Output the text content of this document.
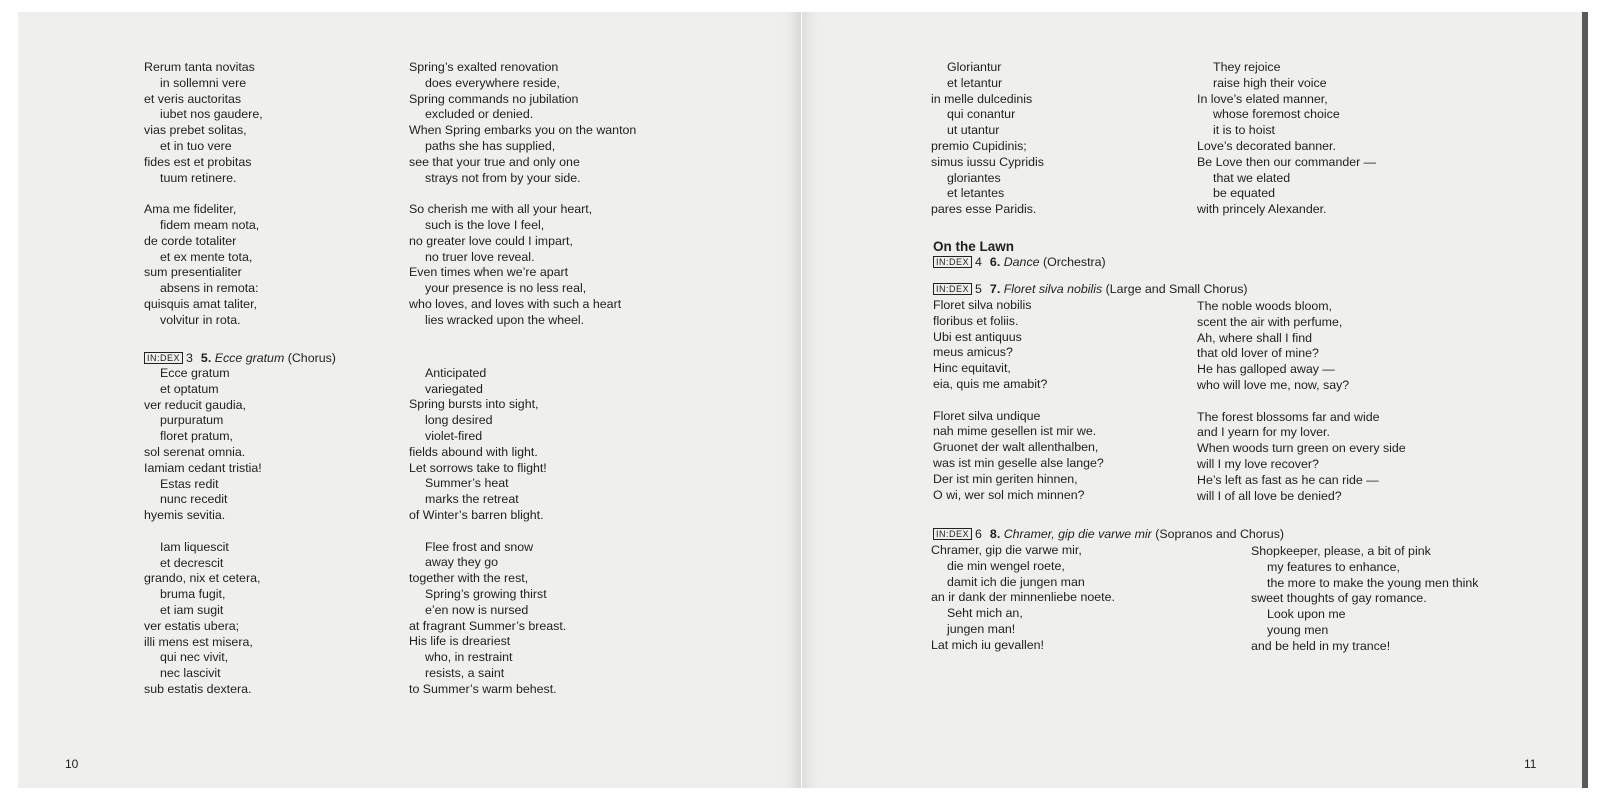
Rerum tanta novitas
in sollemni vere
et veris auctoritas
iubet nos gaudere,
vias prebet solitas,
et in tuo vere
fides est et probitas
tuum retinere.
Ama me fideliter,
fidem meam nota,
de corde totaliter
et ex mente tota,
sum presentialiter
absens in remota:
quisquis amat taliter,
volvitur in rota.
Spring’s exalted renovation
does everywhere reside,
Spring commands no jubilation
excluded or denied.
When Spring embarks you on the wanton
paths she has supplied,
see that your true and only one
strays not from by your side.
So cherish me with all your heart,
such is the love I feel,
no greater love could I impart,
no truer love reveal.
Even times when we’re apart
your presence is no less real,
who loves, and loves with such a heart
lies wracked upon the wheel.
IN:DEX 3 5. Ecce gratum (Chorus)
Ecce gratum
et optatum
ver reducit gaudia,
purpuratum
floret pratum,
sol serenat omnia.
Iamiam cedant tristia!
Estas redit
nunc recedit
hyemis sevitia.
Iam liquescit
et decrescit
grando, nix et cetera,
bruma fugit,
et iam sugit
ver estatis ubera;
illi mens est misera,
qui nec vivit,
nec lascivit
sub estatis dextera.
Anticipated
variegated
Spring bursts into sight,
long desired
violet-fired
fields abound with light.
Let sorrows take to flight!
Summer’s heat
marks the retreat
of Winter’s barren blight.
Flee frost and snow
away they go
together with the rest,
Spring’s growing thirst
e’en now is nursed
at fragrant Summer’s breast.
His life is dreariest
who, in restraint
resists, a saint
to Summer’s warm behest.
10
Gloriantur
et letantur
in melle dulcedinis
qui conantur
ut utantur
premio Cupidinis;
simus iussu Cypridis
gloriantes
et letantes
pares esse Paridis.
They rejoice
raise high their voice
In love’s elated manner,
whose foremost choice
it is to hoist
Love’s decorated banner.
Be Love then our commander —
that we elated
be equated
with princely Alexander.
On the Lawn
IN:DEX 4 6. Dance (Orchestra)
IN:DEX 5 7. Floret silva nobilis (Large and Small Chorus)
Floret silva nobilis
floribus et foliis.
Ubi est antiquus
meus amicus?
Hinc equitavit,
eia, quis me amabit?
Floret silva undique
nah mime gesellen ist mir we.
Gruonet der walt allenthalben,
was ist min geselle alse lange?
Der ist min geriten hinnen,
O wi, wer sol mich minnen?
The noble woods bloom,
scent the air with perfume,
Ah, where shall I find
that old lover of mine?
He has galloped away —
who will love me, now, say?
The forest blossoms far and wide
and I yearn for my lover.
When woods turn green on every side
will I my love recover?
He’s left as fast as he can ride —
will I of all love be denied?
IN:DEX 6 8. Chramer, gip die varwe mir (Sopranos and Chorus)
Chramer, gip die varwe mir,
die min wengel roete,
damit ich die jungen man
an ir dank der minnenliebe noete.
Seht mich an,
jungen man!
Lat mich iu gevallen!
Shopkeeper, please, a bit of pink
my features to enhance,
the more to make the young men think
sweet thoughts of gay romance.
Look upon me
young men
and be held in my trance!
11
